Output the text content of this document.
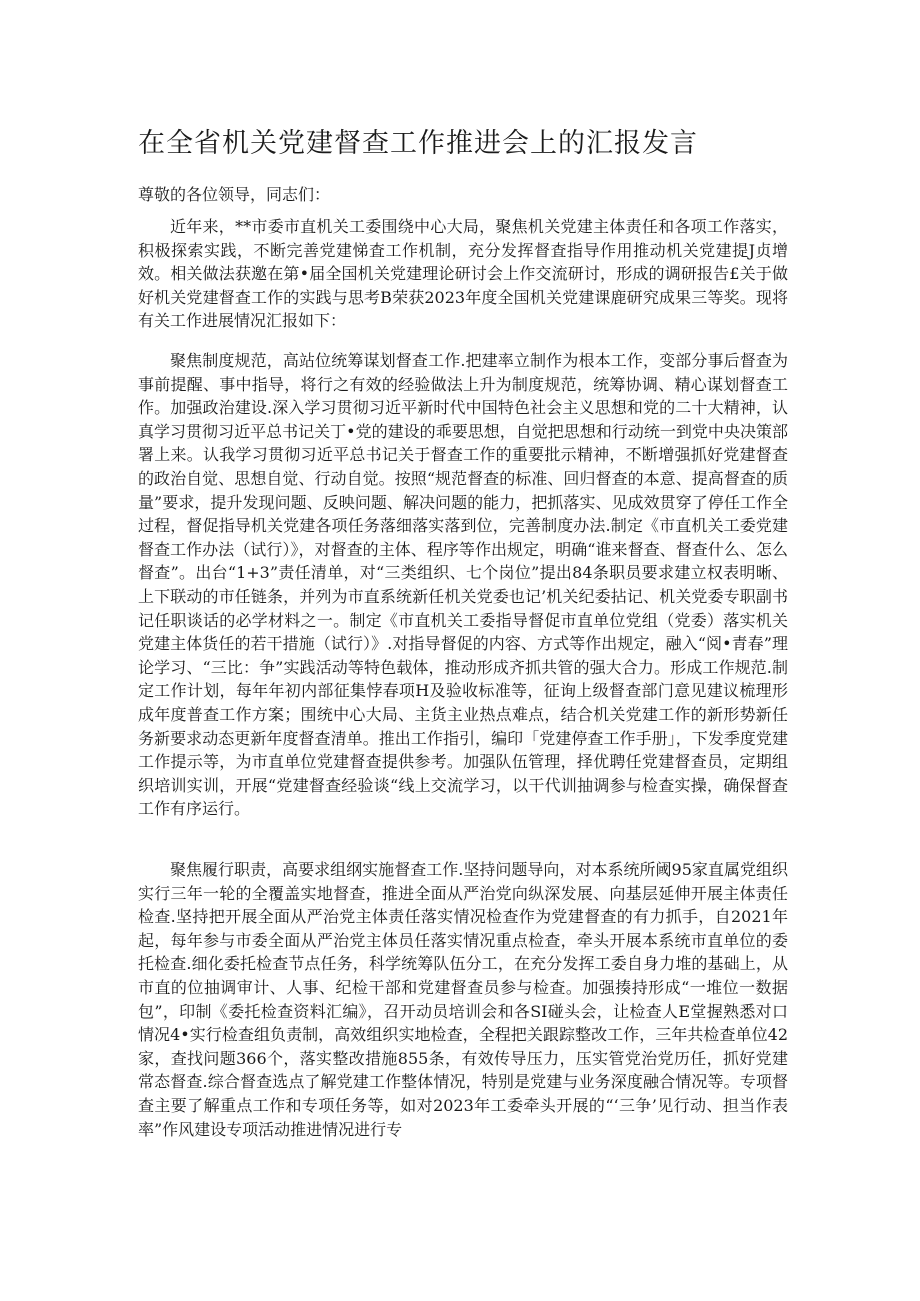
在全省机关党建督查工作推进会上的汇报发言

尊敬的各位领导，同志们：

近年来，**市委市直机关工委围绕中心大局，聚焦机关党建主体责任和各项工作落实，积极探索实践，不断完善党建悌査工作机制，充分发挥督査指导作用推动机关党建提J贞增效。相关做法获邀在第•届全国机关党建理论研讨会上作交流研讨，形成的调研报告£关于做好机关党建督查工作的实践与思考B荣获2023年度全国机关党建课鹿研究成果三等奖。现将有关工作进展情况汇报如下：

聚焦制度规范，高站位统筹谋划督查工作.把建率立制作为根本工作，变部分事后督查为事前提醒、事中指导，将行之有效的经验做法上升为制度规范，统筹协调、精心谋划督查工作。加强政治建设.深入学习贯彻习近平新时代中国特色社会主义思想和党的二十大精神，认真学习贯彻习近平总书记关丁•党的建设的乖要思想，自觉把思想和行动统一到党中央决策部署上来。认我学习贯彻习近平总书记关于督查工作的重要批示精神，不断增强抓好党建督查的政治自觉、思想自觉、行动自觉。按照“规范督查的标准、回归督查的本意、提高督查的质量”要求，提升发现问题、反映问题、解决问题的能力，把抓落实、见成效贯穿了停任工作全过程，督促指导机关党建各项任务落细落实落到位，完善制度办法.制定《市直机关工委党建督查工作办法（试行）》，对督查的主体、程序等作出规定，明确“谁来督查、督查什么、怎么督查”。出台“1+3”责任清单，对“三类组织、七个岗位”提出84条职员要求建立权表明晰、上下联动的市任链条，并列为市直系统新任机关党委也记’机关纪委拈记、机关党委专职副书记任职谈话的必学材料之一。制定《市直机关工委指导督促市直单位党组（党委）落实机关党建主体货任的若干措施（试行）》.对指导督促的内容、方式等作出规定，融入“阅•青春”理论学习、“三比：争”实践活动等特色载体，推动形成齐抓共管的强大合力。形成工作规范.制定工作计划，每年年初内部征集悖春项H及验收标准等，征询上级督查部门意见建议梳理形成年度普查工作方案；围统中心大局、主货主业热点难点，结合机关党建工作的新形势新任务新要求动态更新年度督查清单。推出工作指引，编印「党建停查工作手册」，下发季度党建工作提示等，为市直单位党建督查提供参考。加强队伍管理，择优聘任党建督查员，定期组织培训实训，开展“党建督查经验谈“线上交流学习，以干代训抽调参与检查实操，确保督查工作有序运行。

聚焦履行职责，高要求组纲实施督查工作.坚持问题导向，对本系统所阈95家直属党组织实行三年一轮的全覆盖实地督查，推进全面从严治党向纵深发展、向基层延伸开展主体责任检查.坚持把开展全面从严治党主体责任落实情况检查作为党建督查的有力抓手，自2021年起，每年参与市委全面从严治党主体员任落实情况重点检查，牵头开展本系统市直单位的委托检查.细化委托检查节点任务，科学统筹队伍分工，在充分发挥工委自身力堆的基础上，从市直的位抽调审计、人事、纪检干部和党建督查员参与检查。加强揍持形成“一堆位一数据包”，印制《委托检查资料汇编》，召开动员培训会和各SI碰头会，让检查人E堂握熟悉对口情况4•实行检查组负责制，高效组织实地检查，全程把关跟踪整改工作，三年共检查单位42家，查找问题366个，落实整改措施855条，有效传导压力，压实管党治党历任，抓好党建常态督查.综合督查选点了解党建工作整体情况，特别是党建与业务深度融合情况等。专项督查主要了解重点工作和专项任务等，如对2023年工委牵头开展的“‘三争’见行动、担当作表率”作风建设专项活动推进情况进行专
